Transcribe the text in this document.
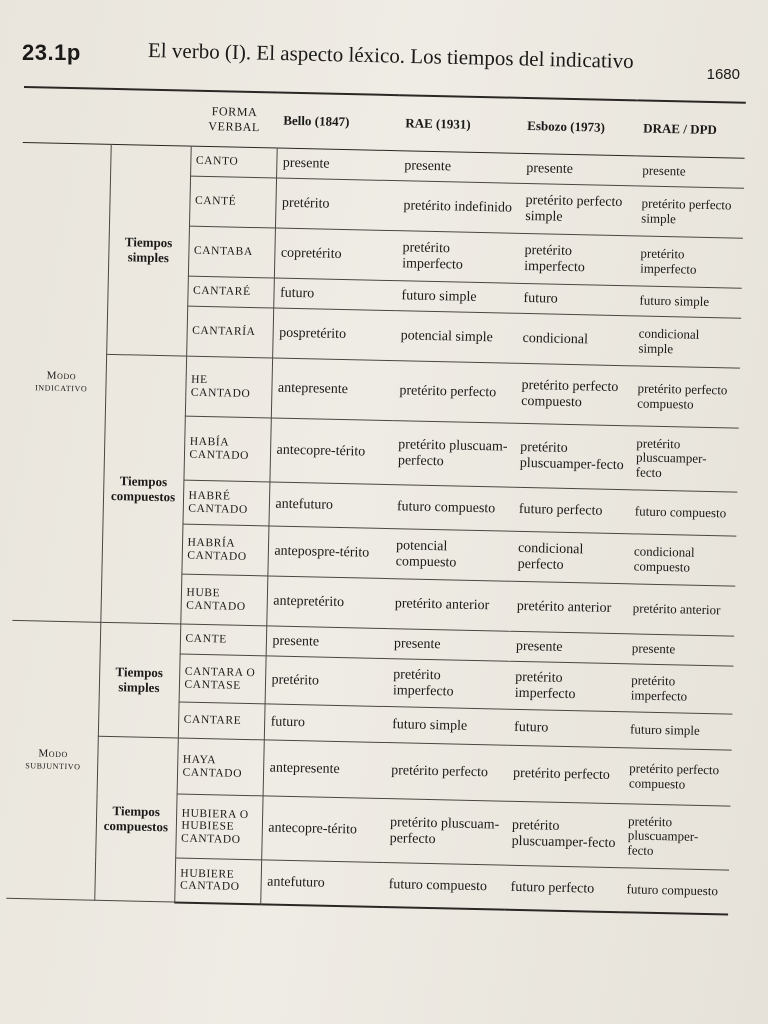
23.1p	El verbo (I). El aspecto léxico. Los tiempos del indicativo
1680
		FORMA VERBAL	Bello (1847)	RAE (1931)	Esbozo (1973)	DRAE / DPD
Modo indicativo	Tiempos simples	CANTO	presente	presente	presente	presente
		CANTÉ	pretérito	pretérito indefinido	pretérito perfecto simple	pretérito perfecto simple
		CANTABA	copretérito	pretérito imperfecto	pretérito imperfecto	pretérito imperfecto
		CANTARÉ	futuro	futuro simple	futuro	futuro simple
		CANTARÍA	pospretérito	potencial simple	condicional	condicional simple
	Tiempos compuestos	HE CANTADO	antepresente	pretérito perfecto	pretérito perfecto compuesto	pretérito perfecto compuesto
		HABÍA CANTADO	antecopre-térito	pretérito pluscuam-perfecto	pretérito pluscuamper-fecto	pretérito pluscuamper-fecto
		HABRÉ CANTADO	antefuturo	futuro compuesto	futuro perfecto	futuro compuesto
		HABRÍA CANTADO	antepospre-térito	potencial compuesto	condicional perfecto	condicional compuesto
		HUBE CANTADO	antepretérito	pretérito anterior	pretérito anterior	pretérito anterior
Modo subjuntivo	Tiempos simples	CANTE	presente	presente	presente	presente
		CANTARA O CANTASE	pretérito	pretérito imperfecto	pretérito imperfecto	pretérito imperfecto
		CANTARE	futuro	futuro simple	futuro	futuro simple
	Tiempos compuestos	HAYA CANTADO	antepresente	pretérito perfecto	pretérito perfecto	pretérito perfecto compuesto
		HUBIERA O HUBIESE CANTADO	antecopre-térito	pretérito pluscuam-perfecto	pretérito pluscuamper-fecto	pretérito pluscuamper-fecto
		HUBIERE CANTADO	antefuturo	futuro compuesto	futuro perfecto	futuro compuesto
